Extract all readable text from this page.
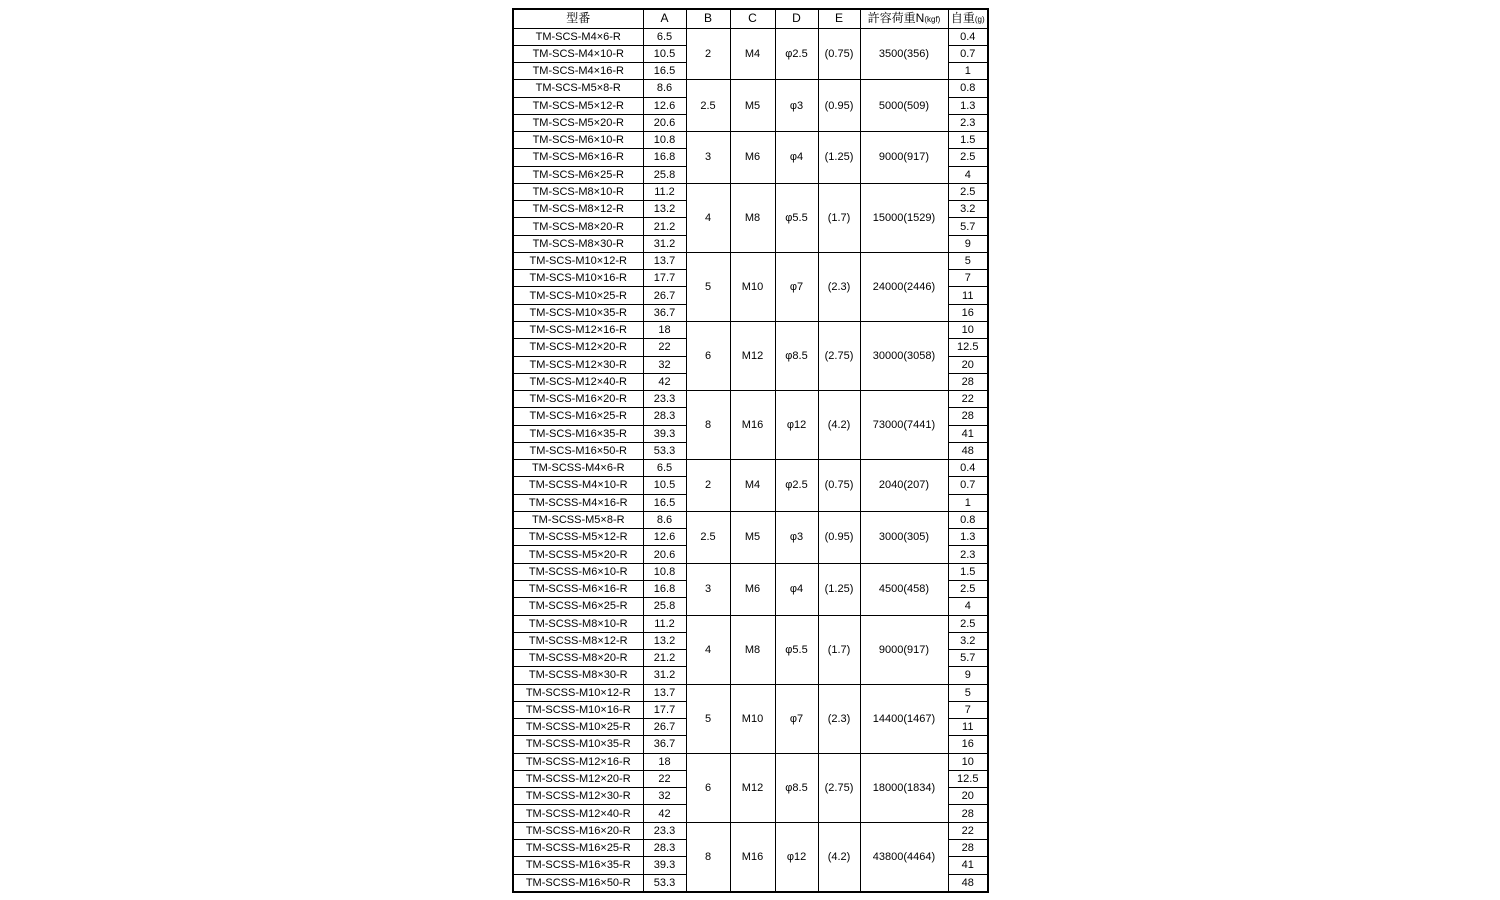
型番	A	B	C	D	E	許容荷重N(kgf)	自重(g)
TM-SCS-M4×6-R	6.5	2	M4	φ2.5	(0.75)	3500(356)	0.4
TM-SCS-M4×10-R	10.5						0.7
TM-SCS-M4×16-R	16.5						1
TM-SCS-M5×8-R	8.6	2.5	M5	φ3	(0.95)	5000(509)	0.8
TM-SCS-M5×12-R	12.6						1.3
TM-SCS-M5×20-R	20.6						2.3
TM-SCS-M6×10-R	10.8	3	M6	φ4	(1.25)	9000(917)	1.5
TM-SCS-M6×16-R	16.8						2.5
TM-SCS-M6×25-R	25.8						4
TM-SCS-M8×10-R	11.2	4	M8	φ5.5	(1.7)	15000(1529)	2.5
TM-SCS-M8×12-R	13.2						3.2
TM-SCS-M8×20-R	21.2						5.7
TM-SCS-M8×30-R	31.2						9
TM-SCS-M10×12-R	13.7	5	M10	φ7	(2.3)	24000(2446)	5
TM-SCS-M10×16-R	17.7						7
TM-SCS-M10×25-R	26.7						11
TM-SCS-M10×35-R	36.7						16
TM-SCS-M12×16-R	18	6	M12	φ8.5	(2.75)	30000(3058)	10
TM-SCS-M12×20-R	22						12.5
TM-SCS-M12×30-R	32						20
TM-SCS-M12×40-R	42						28
TM-SCS-M16×20-R	23.3	8	M16	φ12	(4.2)	73000(7441)	22
TM-SCS-M16×25-R	28.3						28
TM-SCS-M16×35-R	39.3						41
TM-SCS-M16×50-R	53.3						48
TM-SCSS-M4×6-R	6.5	2	M4	φ2.5	(0.75)	2040(207)	0.4
TM-SCSS-M4×10-R	10.5						0.7
TM-SCSS-M4×16-R	16.5						1
TM-SCSS-M5×8-R	8.6	2.5	M5	φ3	(0.95)	3000(305)	0.8
TM-SCSS-M5×12-R	12.6						1.3
TM-SCSS-M5×20-R	20.6						2.3
TM-SCSS-M6×10-R	10.8	3	M6	φ4	(1.25)	4500(458)	1.5
TM-SCSS-M6×16-R	16.8						2.5
TM-SCSS-M6×25-R	25.8						4
TM-SCSS-M8×10-R	11.2	4	M8	φ5.5	(1.7)	9000(917)	2.5
TM-SCSS-M8×12-R	13.2						3.2
TM-SCSS-M8×20-R	21.2						5.7
TM-SCSS-M8×30-R	31.2						9
TM-SCSS-M10×12-R	13.7	5	M10	φ7	(2.3)	14400(1467)	5
TM-SCSS-M10×16-R	17.7						7
TM-SCSS-M10×25-R	26.7						11
TM-SCSS-M10×35-R	36.7						16
TM-SCSS-M12×16-R	18	6	M12	φ8.5	(2.75)	18000(1834)	10
TM-SCSS-M12×20-R	22						12.5
TM-SCSS-M12×30-R	32						20
TM-SCSS-M12×40-R	42						28
TM-SCSS-M16×20-R	23.3	8	M16	φ12	(4.2)	43800(4464)	22
TM-SCSS-M16×25-R	28.3						28
TM-SCSS-M16×35-R	39.3						41
TM-SCSS-M16×50-R	53.3						48
